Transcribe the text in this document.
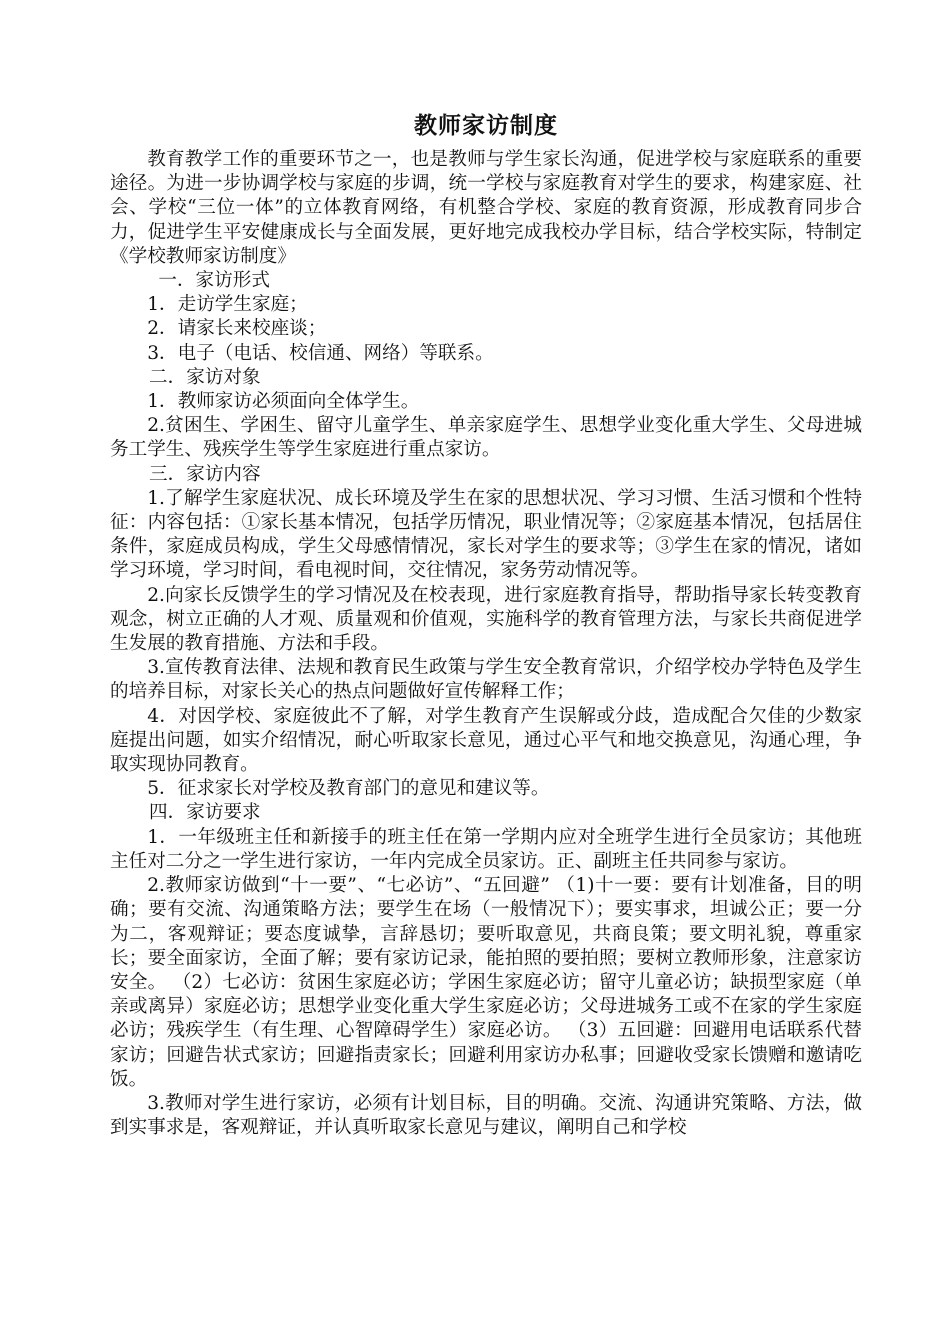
教师家访制度

教育教学工作的重要环节之一，也是教师与学生家长沟通，促进学校与家庭联系的重要途径。为进一步协调学校与家庭的步调，统一学校与家庭教育对学生的要求，构建家庭、社会、学校“三位一体”的立体教育网络，有机整合学校、家庭的教育资源，形成教育同步合力，促进学生平安健康成长与全面发展，更好地完成我校办学目标，结合学校实际，特制定《学校教师家访制度》

一．家访形式

1．走访学生家庭；

2．请家长来校座谈；

3．电子（电话、校信通、网络）等联系。

二．家访对象

1．教师家访必须面向全体学生。

2.贫困生、学困生、留守儿童学生、单亲家庭学生、思想学业变化重大学生、父母进城务工学生、残疾学生等学生家庭进行重点家访。

三．家访内容

1.了解学生家庭状况、成长环境及学生在家的思想状况、学习习惯、生活习惯和个性特征：内容包括：①家长基本情况，包括学历情况，职业情况等；②家庭基本情况，包括居住条件，家庭成员构成，学生父母感情情况，家长对学生的要求等；③学生在家的情况，诸如学习环境，学习时间，看电视时间，交往情况，家务劳动情况等。

2.向家长反馈学生的学习情况及在校表现，进行家庭教育指导，帮助指导家长转变教育观念，树立正确的人才观、质量观和价值观，实施科学的教育管理方法，与家长共商促进学生发展的教育措施、方法和手段。

3.宣传教育法律、法规和教育民生政策与学生安全教育常识，介绍学校办学特色及学生的培养目标，对家长关心的热点问题做好宣传解释工作；

4．对因学校、家庭彼此不了解，对学生教育产生误解或分歧，造成配合欠佳的少数家庭提出问题，如实介绍情况，耐心听取家长意见，通过心平气和地交换意见，沟通心理，争取实现协同教育。

5．征求家长对学校及教育部门的意见和建议等。

四．家访要求

1．一年级班主任和新接手的班主任在第一学期内应对全班学生进行全员家访；其他班主任对二分之一学生进行家访，一年内完成全员家访。正、副班主任共同参与家访。

2.教师家访做到“十一要”、“七必访”、“五回避” （1)十一要：要有计划准备，目的明确；要有交流、沟通策略方法；要学生在场（一般情况下）；要实事求，坦诚公正；要一分为二，客观辩证；要态度诚挚，言辞恳切；要听取意见，共商良策；要文明礼貌，尊重家长；要全面家访，全面了解；要有家访记录，能拍照的要拍照；要树立教师形象，注意家访安全。 （2）七必访：贫困生家庭必访；学困生家庭必访；留守儿童必访；缺损型家庭（单亲或离异）家庭必访；思想学业变化重大学生家庭必访；父母进城务工或不在家的学生家庭必访；残疾学生（有生理、心智障碍学生）家庭必访。 （3）五回避：回避用电话联系代替家访；回避告状式家访；回避指责家长；回避利用家访办私事；回避收受家长馈赠和邀请吃饭。

3.教师对学生进行家访，必须有计划目标，目的明确。交流、沟通讲究策略、方法，做到实事求是，客观辩证，并认真听取家长意见与建议，阐明自己和学校
